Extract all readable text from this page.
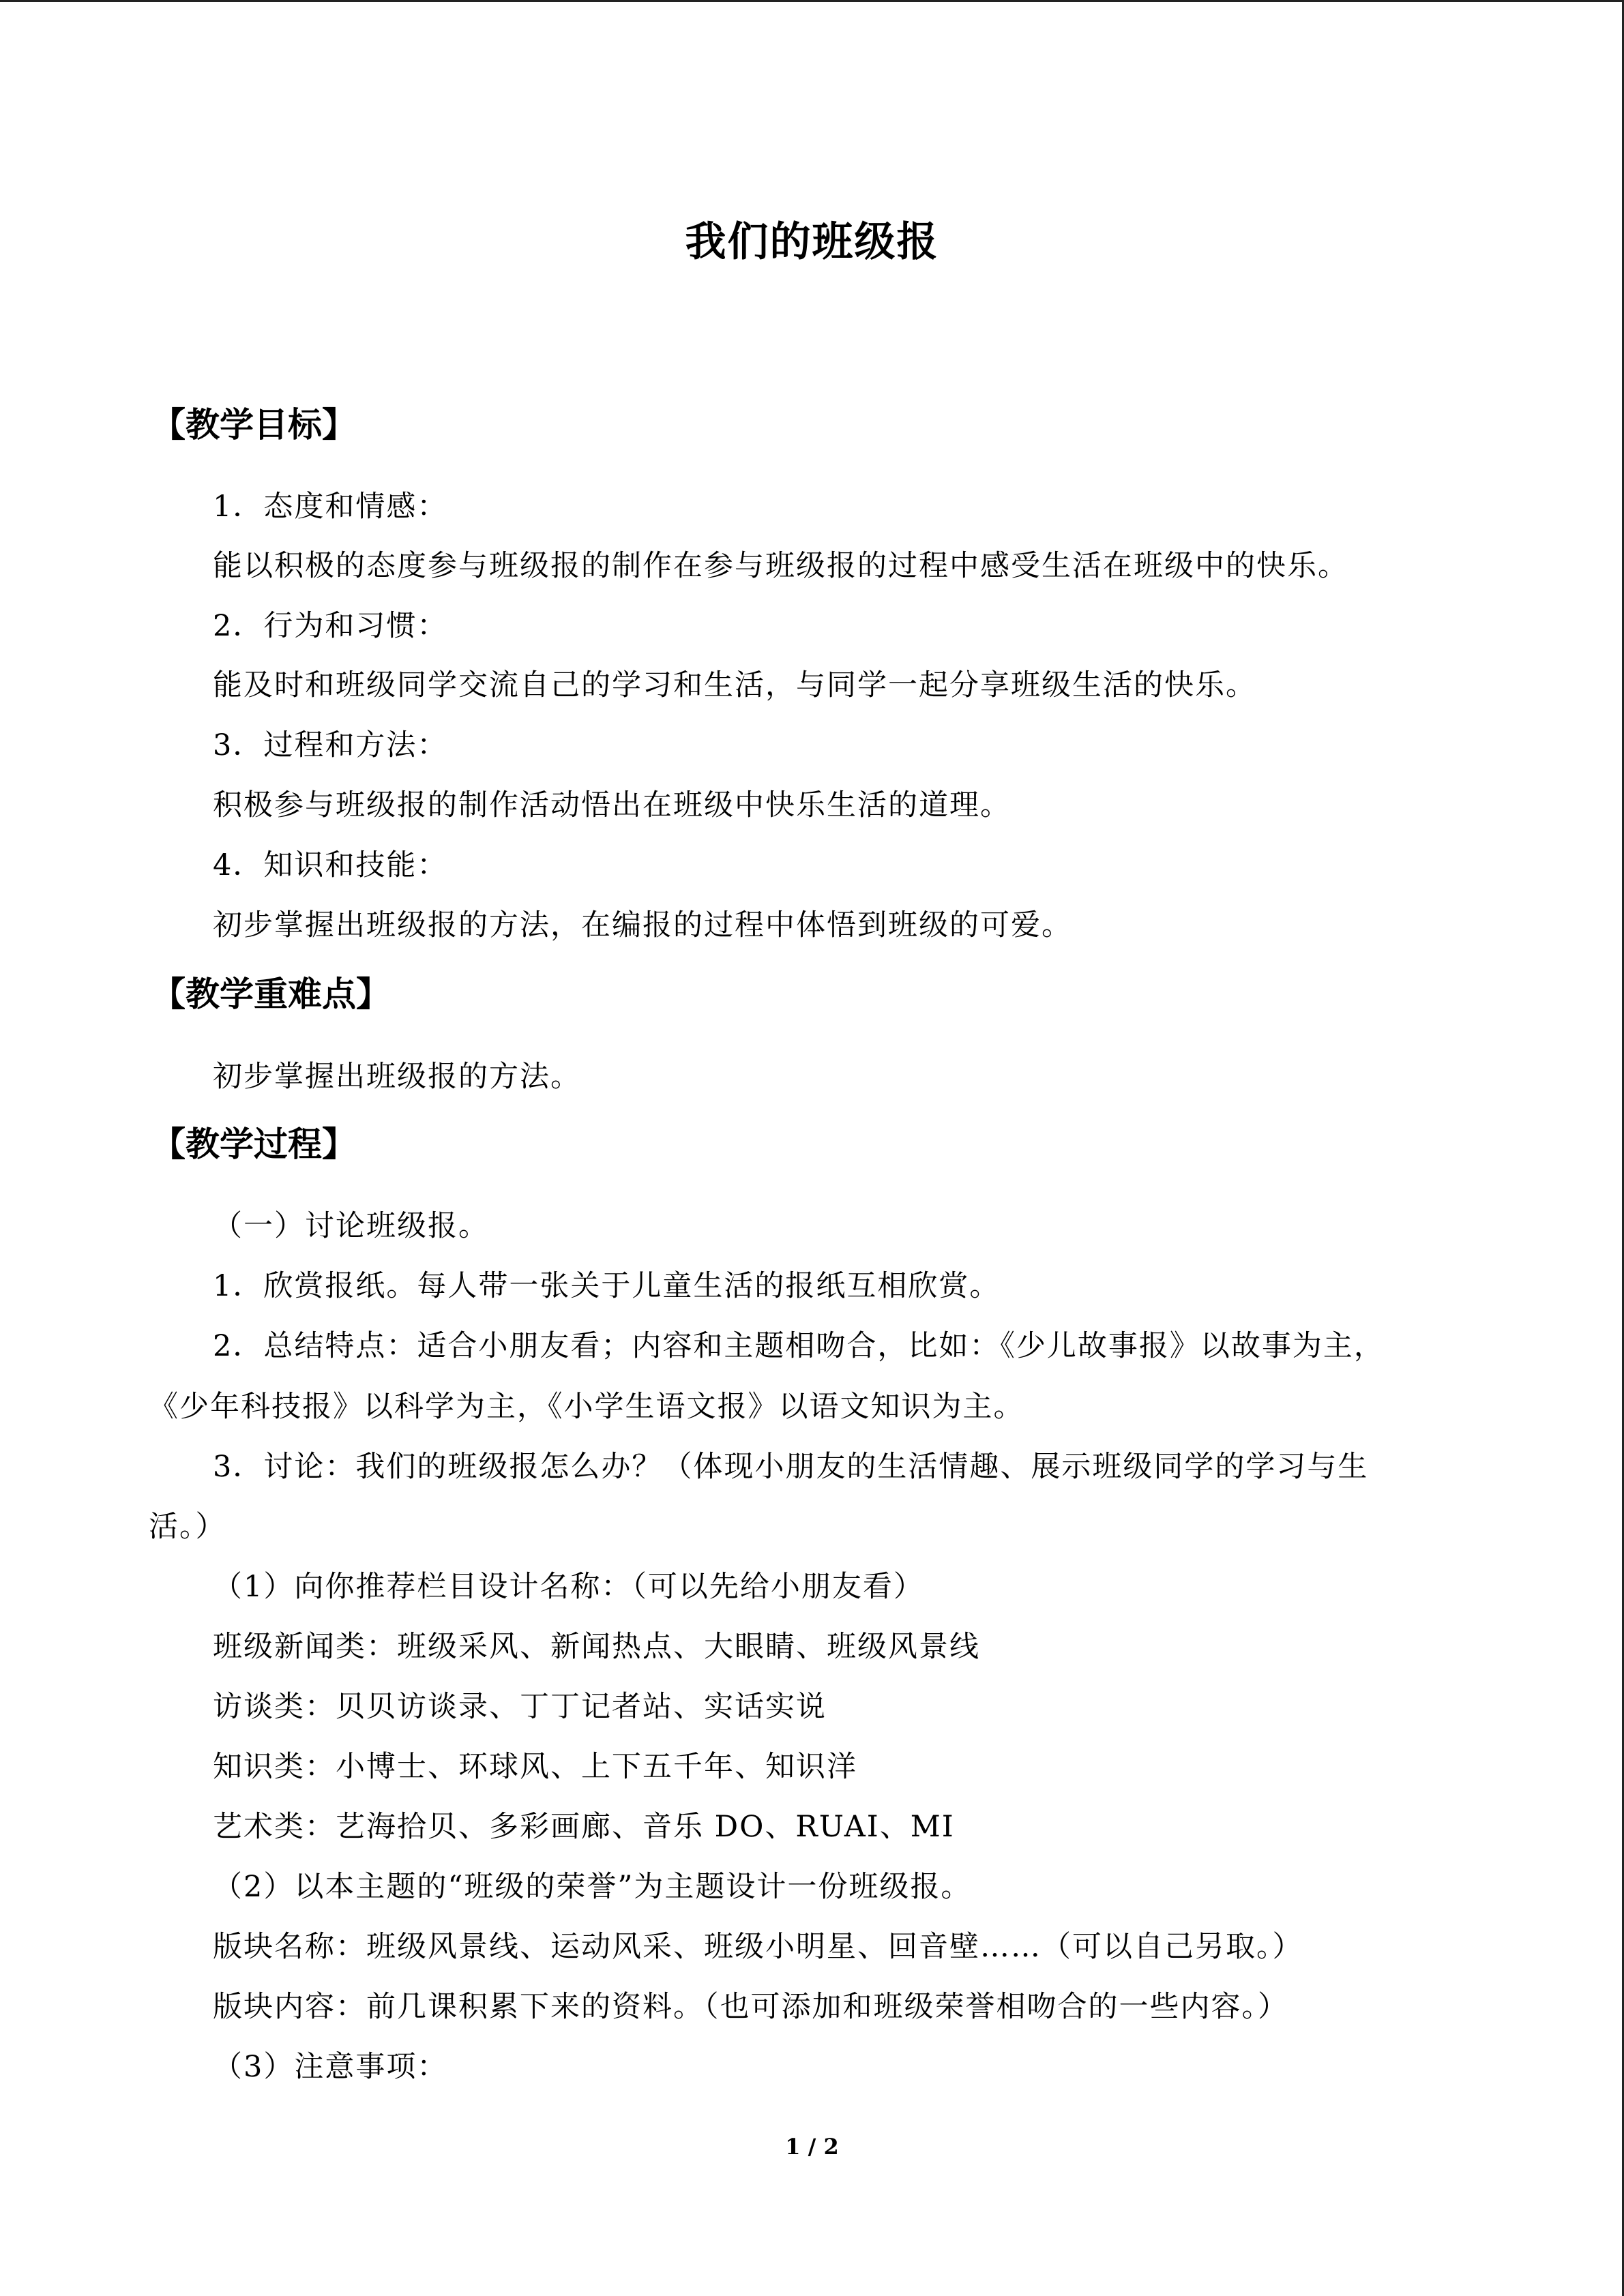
我们的班级报
【教学目标】
1．态度和情感：
能以积极的态度参与班级报的制作在参与班级报的过程中感受生活在班级中的快乐。
2．行为和习惯：
能及时和班级同学交流自己的学习和生活，与同学一起分享班级生活的快乐。
3．过程和方法：
积极参与班级报的制作活动悟出在班级中快乐生活的道理。
4．知识和技能：
初步掌握出班级报的方法，在编报的过程中体悟到班级的可爱。
【教学重难点】
初步掌握出班级报的方法。
【教学过程】
（一）讨论班级报。
1．欣赏报纸。每人带一张关于儿童生活的报纸互相欣赏。
2．总结特点：适合小朋友看；内容和主题相吻合，比如：《少儿故事报》以故事为主，
《少年科技报》以科学为主，《小学生语文报》以语文知识为主。
3．讨论：我们的班级报怎么办？（体现小朋友的生活情趣、展示班级同学的学习与生
活。）
（1）向你推荐栏目设计名称：（可以先给小朋友看）
班级新闻类：班级采风、新闻热点、大眼睛、班级风景线
访谈类：贝贝访谈录、丁丁记者站、实话实说
知识类：小博士、环球风、上下五千年、知识洋
艺术类：艺海拾贝、多彩画廊、音乐 DO、RUAI、MI
（2）以本主题的“班级的荣誉”为主题设计一份班级报。
版块名称：班级风景线、运动风采、班级小明星、回音壁……（可以自己另取。）
版块内容：前几课积累下来的资料。（也可添加和班级荣誉相吻合的一些内容。）
（3）注意事项：
1 / 2
